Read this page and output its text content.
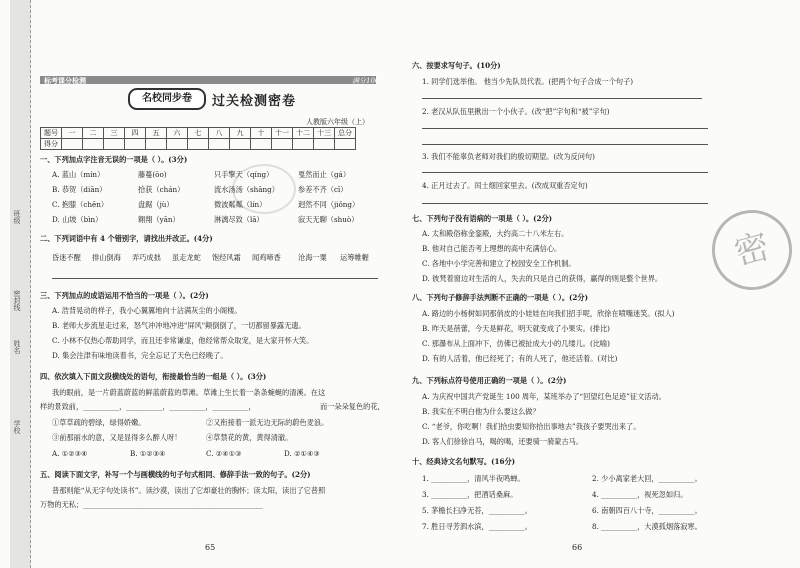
班级
密封线
姓名
学校
标考课分检测	满分100
名校同步卷	过关检测密卷
人教版六年级（上）
题号	一	二	三	四	五	六	七	八	九	十	十一	十二	十三	总分
得分														
一、下列加点字注音无误的一项是（ ）。(3分)
A. 蓝山（mín）	藤蔓(ōo)	只手擎天（qíng）	戛然而止（gá）
B. 恭贺（diān）	拾获（chán）	流水汤汤（shāng）	参差不齐（cī）
C. 抱膝（chēn）	盘踞（jù）	微波粼粼（lín）	迥然不同（jiǒng）
D. 山坡（bìn）	翱翔（yān）	淋漓尽致（lā）	寂天无聊（shuò）
二、下列词语中有 4 个错别字，请找出并改正。(4分)
昏迷不醒 排山倒海 弄巧成拙 虽走龙蛇 饱经风霜 闻鸡啼香 沧海一粟 运筹帷幄
三、下列加点的成语运用不恰当的一项是（ ）。(2分)
A. 浩背晃动的样子，我小心翼翼地向十沾满灰尘的小阁楼。
B. 老师大步流星走过来，怒气冲冲地冲进"屏风"颠倒倒了，一切都留暴露无遗。
C. 小林不仅热心帮助同学，而且还非常谦虚，他经常帮众取宠，是大家开怀大笑。
D. 集会注津有味地读着书，完全忘记了天色已经晚了。
四、依次填入下面文段横线处的语句，衔接最恰当的一组是（ ）。(3分)
我的眼前，是一片蔚蓝蔚蓝的鲜蓝蔚蓝的草滩。草滩上生长着一条条蜿蜒的清溪。在这
样的景致前，__________，__________，__________，__________，	而一朵朵复色的花，
①草草疏的碧绿，绿得娇嫩。	②又衔接着一派无边无际的蔚色麦浪。
③前那丽水的意，又是显得多么醉人呀！	④草禁花的黄，黄得清澈。
A. ①②③④	B. ①②③④	C. ②④①③	D. ②①④③
五、阅读下面文字，补写一个与画横线的句子句式相同、修辞手法一致的句子。(2分)
普那则能“从无字句处读书”。读沙漠，读出了它却豪壮的胸怀；读太阳，读出了它普照
万物的无私；__________________________________________________
65
密
六、按要求写句子。(10分)
1. 同学们选举他。 他当少先队员代表。(把两个句子合成一个句子)
2. 老汉从队伍里揪出一个小伙子。(改“把”字句和“被”字句)
3. 我们不能辜负老师对我们的殷切期望。(改为反问句)
4. 正月过去了。闰土细回家里去。(改成双重否定句)
七、下列句子没有语病的一项是（ ）。(2分)
A. 太和殿俗称金銮殿，大约高二十八米左右。
B. 他对自己能否考上理想的高中充满信心。
C. 各地中小学完善和建立了校园安全工作机制。
D. 彼梵着窗边对生活的人，失去的只是自己的获得，赢得的则是整个世界。
八、下列句子修辞手法判断不正确的一项是（ ）。(2分)
A. 路边的小杨树如同那俏皮的小娃娃在向我们招手呢，欣徐在喷嘴迷笑。(拟人)
B. 昨天是蓓蕾，今天是鲜花，明天就变成了小果实。(排比)
C. 那瀑布从上面冲下，仿佛已被扯成大小的几缕儿。(比喻)
D. 有的人活着，他已经死了；有的人死了，他还活着。(对比)
九、下列标点符号使用正确的一项是（ ）。(2分)
A. 为庆祝中国共产党诞生 100 周年，某班举办了“回望红色足迹”征文活动。
B. 我实在不明白他为什么要这么做？
C. “老爷，你吃啊！我们拾虫要知你拾出事地去”我孩子要哭出来了。
D. 客人们徐徐自马，喝的喝，还要骑一骑蒙古马。
十、经典诗文名句默写。(16分)
1. __________，清风半夜鸣蝉。	2. 少小离家老大回，__________。
3. __________，把酒话桑麻。	4. __________，视死忽如归。
5. 茅檐长扫净无苔，__________。	6. 南朝四百八十寺，__________。
7. 胜日寻芳泗水滨，__________。	8. __________，大漠孤烟落寂寒。
66
